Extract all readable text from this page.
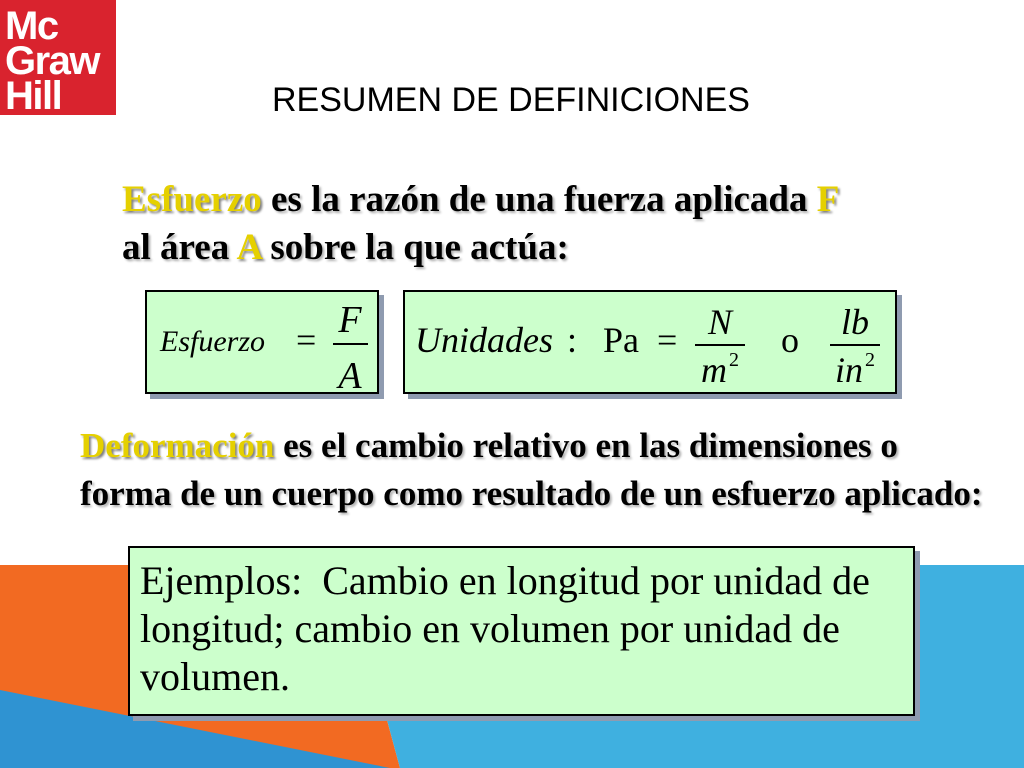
Mc
Graw
Hill	RESUMEN DE DEFINICIONES
Esfuerzo es la razón de una fuerza aplicada F
al área A sobre la que actúa:
Esfuerzo = F
A
Unidades : Pa = N
m $^2$	o	lb
in $^2$
Deformación es el cambio relativo en las dimensiones o
forma de un cuerpo como resultado de un esfuerzo aplicado:
Ejemplos:  Cambio en longitud por unidad de
longitud; cambio en volumen por unidad de
volumen.
